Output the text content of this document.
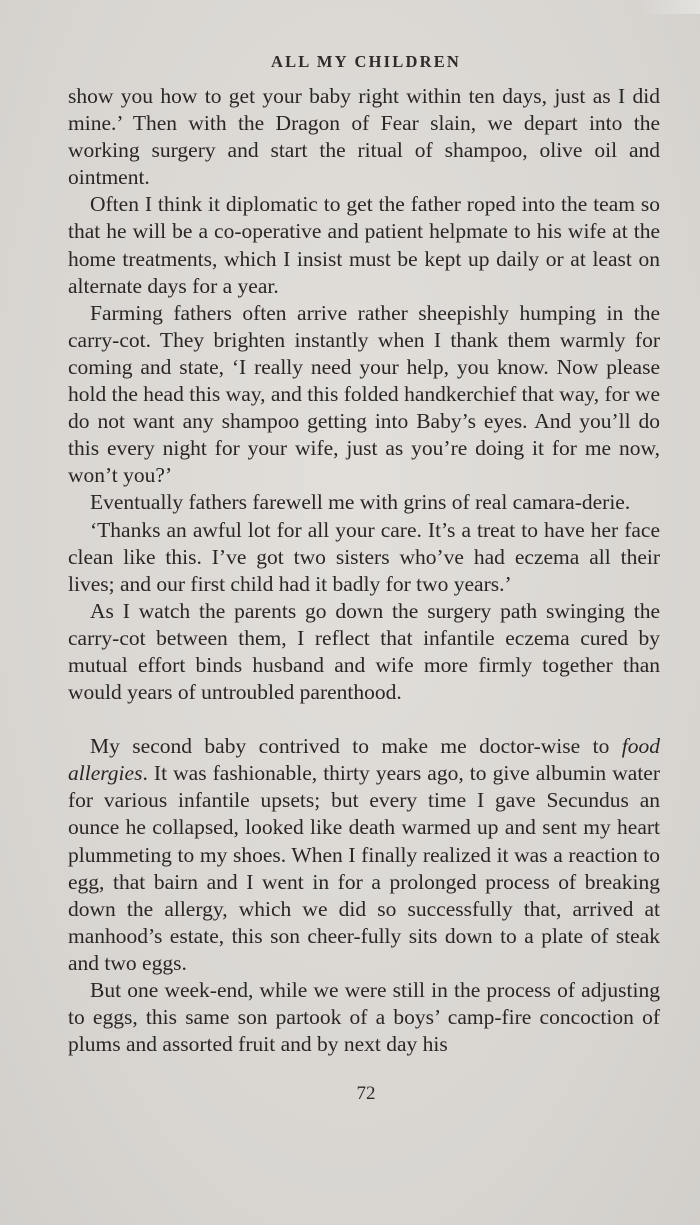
ALL MY CHILDREN

show you how to get your baby right within ten days, just as I did mine.’ Then with the Dragon of Fear slain, we depart into the working surgery and start the ritual of shampoo, olive oil and ointment.

Often I think it diplomatic to get the father roped into the team so that he will be a co-operative and patient helpmate to his wife at the home treatments, which I insist must be kept up daily or at least on alternate days for a year.

Farming fathers often arrive rather sheepishly humping in the carry-cot. They brighten instantly when I thank them warmly for coming and state, ‘I really need your help, you know. Now please hold the head this way, and this folded handkerchief that way, for we do not want any shampoo getting into Baby’s eyes. And you’ll do this every night for your wife, just as you’re doing it for me now, won’t you?’

Eventually fathers farewell me with grins of real camara-derie.

‘Thanks an awful lot for all your care. It’s a treat to have her face clean like this. I’ve got two sisters who’ve had eczema all their lives; and our first child had it badly for two years.’

As I watch the parents go down the surgery path swinging the carry-cot between them, I reflect that infantile eczema cured by mutual effort binds husband and wife more firmly together than would years of untroubled parenthood.

My second baby contrived to make me doctor-wise to food allergies. It was fashionable, thirty years ago, to give albumin water for various infantile upsets; but every time I gave Secundus an ounce he collapsed, looked like death warmed up and sent my heart plummeting to my shoes. When I finally realized it was a reaction to egg, that bairn and I went in for a prolonged process of breaking down the allergy, which we did so successfully that, arrived at manhood’s estate, this son cheer-fully sits down to a plate of steak and two eggs.

But one week-end, while we were still in the process of adjusting to eggs, this same son partook of a boys’ camp-fire concoction of plums and assorted fruit and by next day his

72
